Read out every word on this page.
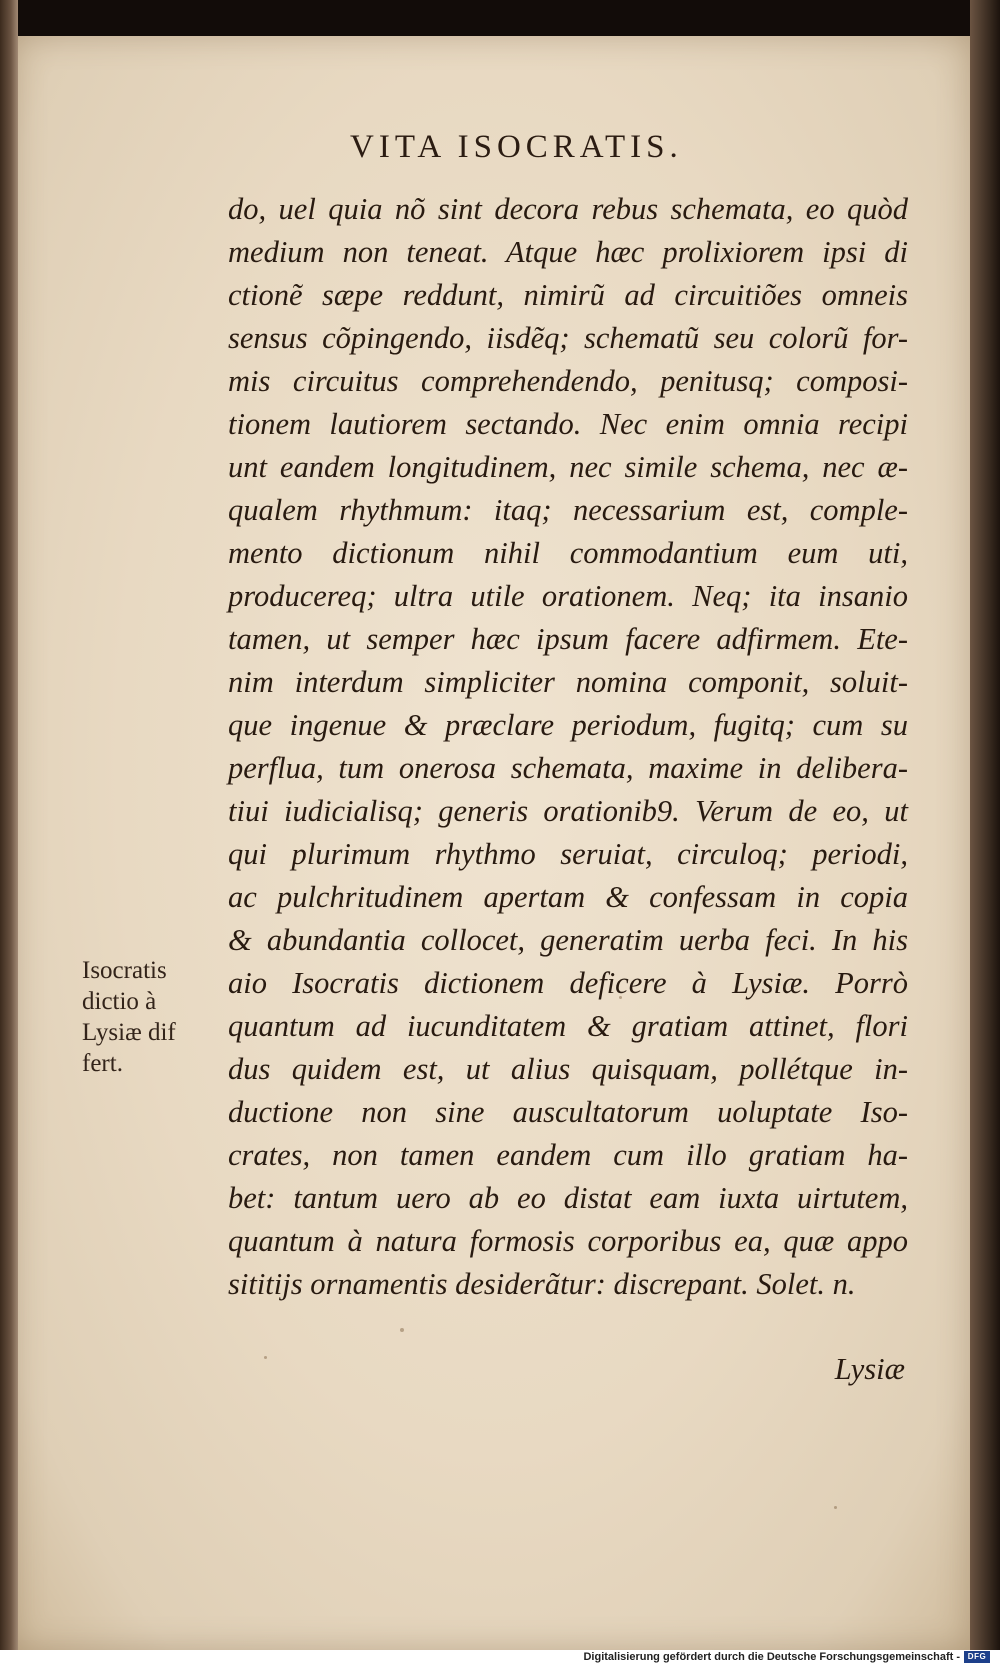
VITA ISOCRATIS.
do, uel quia nõ sint decora rebus schemata, eo quòd
medium non teneat. Atque hæc prolixiorem ipsi di
ctionẽ sæpe reddunt, nimirũ ad circuitiões omneis
sensus cõpingendo, iisdẽq; schematũ seu colorũ for-
mis circuitus comprehendendo, penitusq; composi-
tionem lautiorem sectando. Nec enim omnia recipi
unt eandem longitudinem, nec simile schema, nec æ-
qualem rhythmum: itaq; necessarium est, comple-
mento dictionum nihil commodantium eum uti,
producereq; ultra utile orationem. Neq; ita insanio
tamen, ut semper hæc ipsum facere adfirmem. Ete-
nim interdum simpliciter nomina componit, soluit-
que ingenue & præclare periodum, fugitq; cum su
perflua, tum onerosa schemata, maxime in delibera-
tiui iudicialisq; generis orationib9. Verum de eo, ut
qui plurimum rhythmo seruiat, circuloq; periodi,
ac pulchritudinem apertam & confessam in copia
& abundantia collocet, generatim uerba feci. In his
aio Isocratis dictionem deficere à Lysiæ. Porrò
quantum ad iucunditatem & gratiam attinet, flori
dus quidem est, ut alius quisquam, pollétque in-
ductione non sine auscultatorum uoluptate Iso-
crates, non tamen eandem cum illo gratiam ha-
bet: tantum uero ab eo distat eam iuxta uirtutem,
quantum à natura formosis corporibus ea, quæ appo
sititijs ornamentis desiderãtur: discrepant. Solet. n.
Lysiæ
Isocratis
dictio à
Lysiæ dif
fert.
Digitalisierung gefördert durch die Deutsche Forschungsgemeinschaft - DFG
